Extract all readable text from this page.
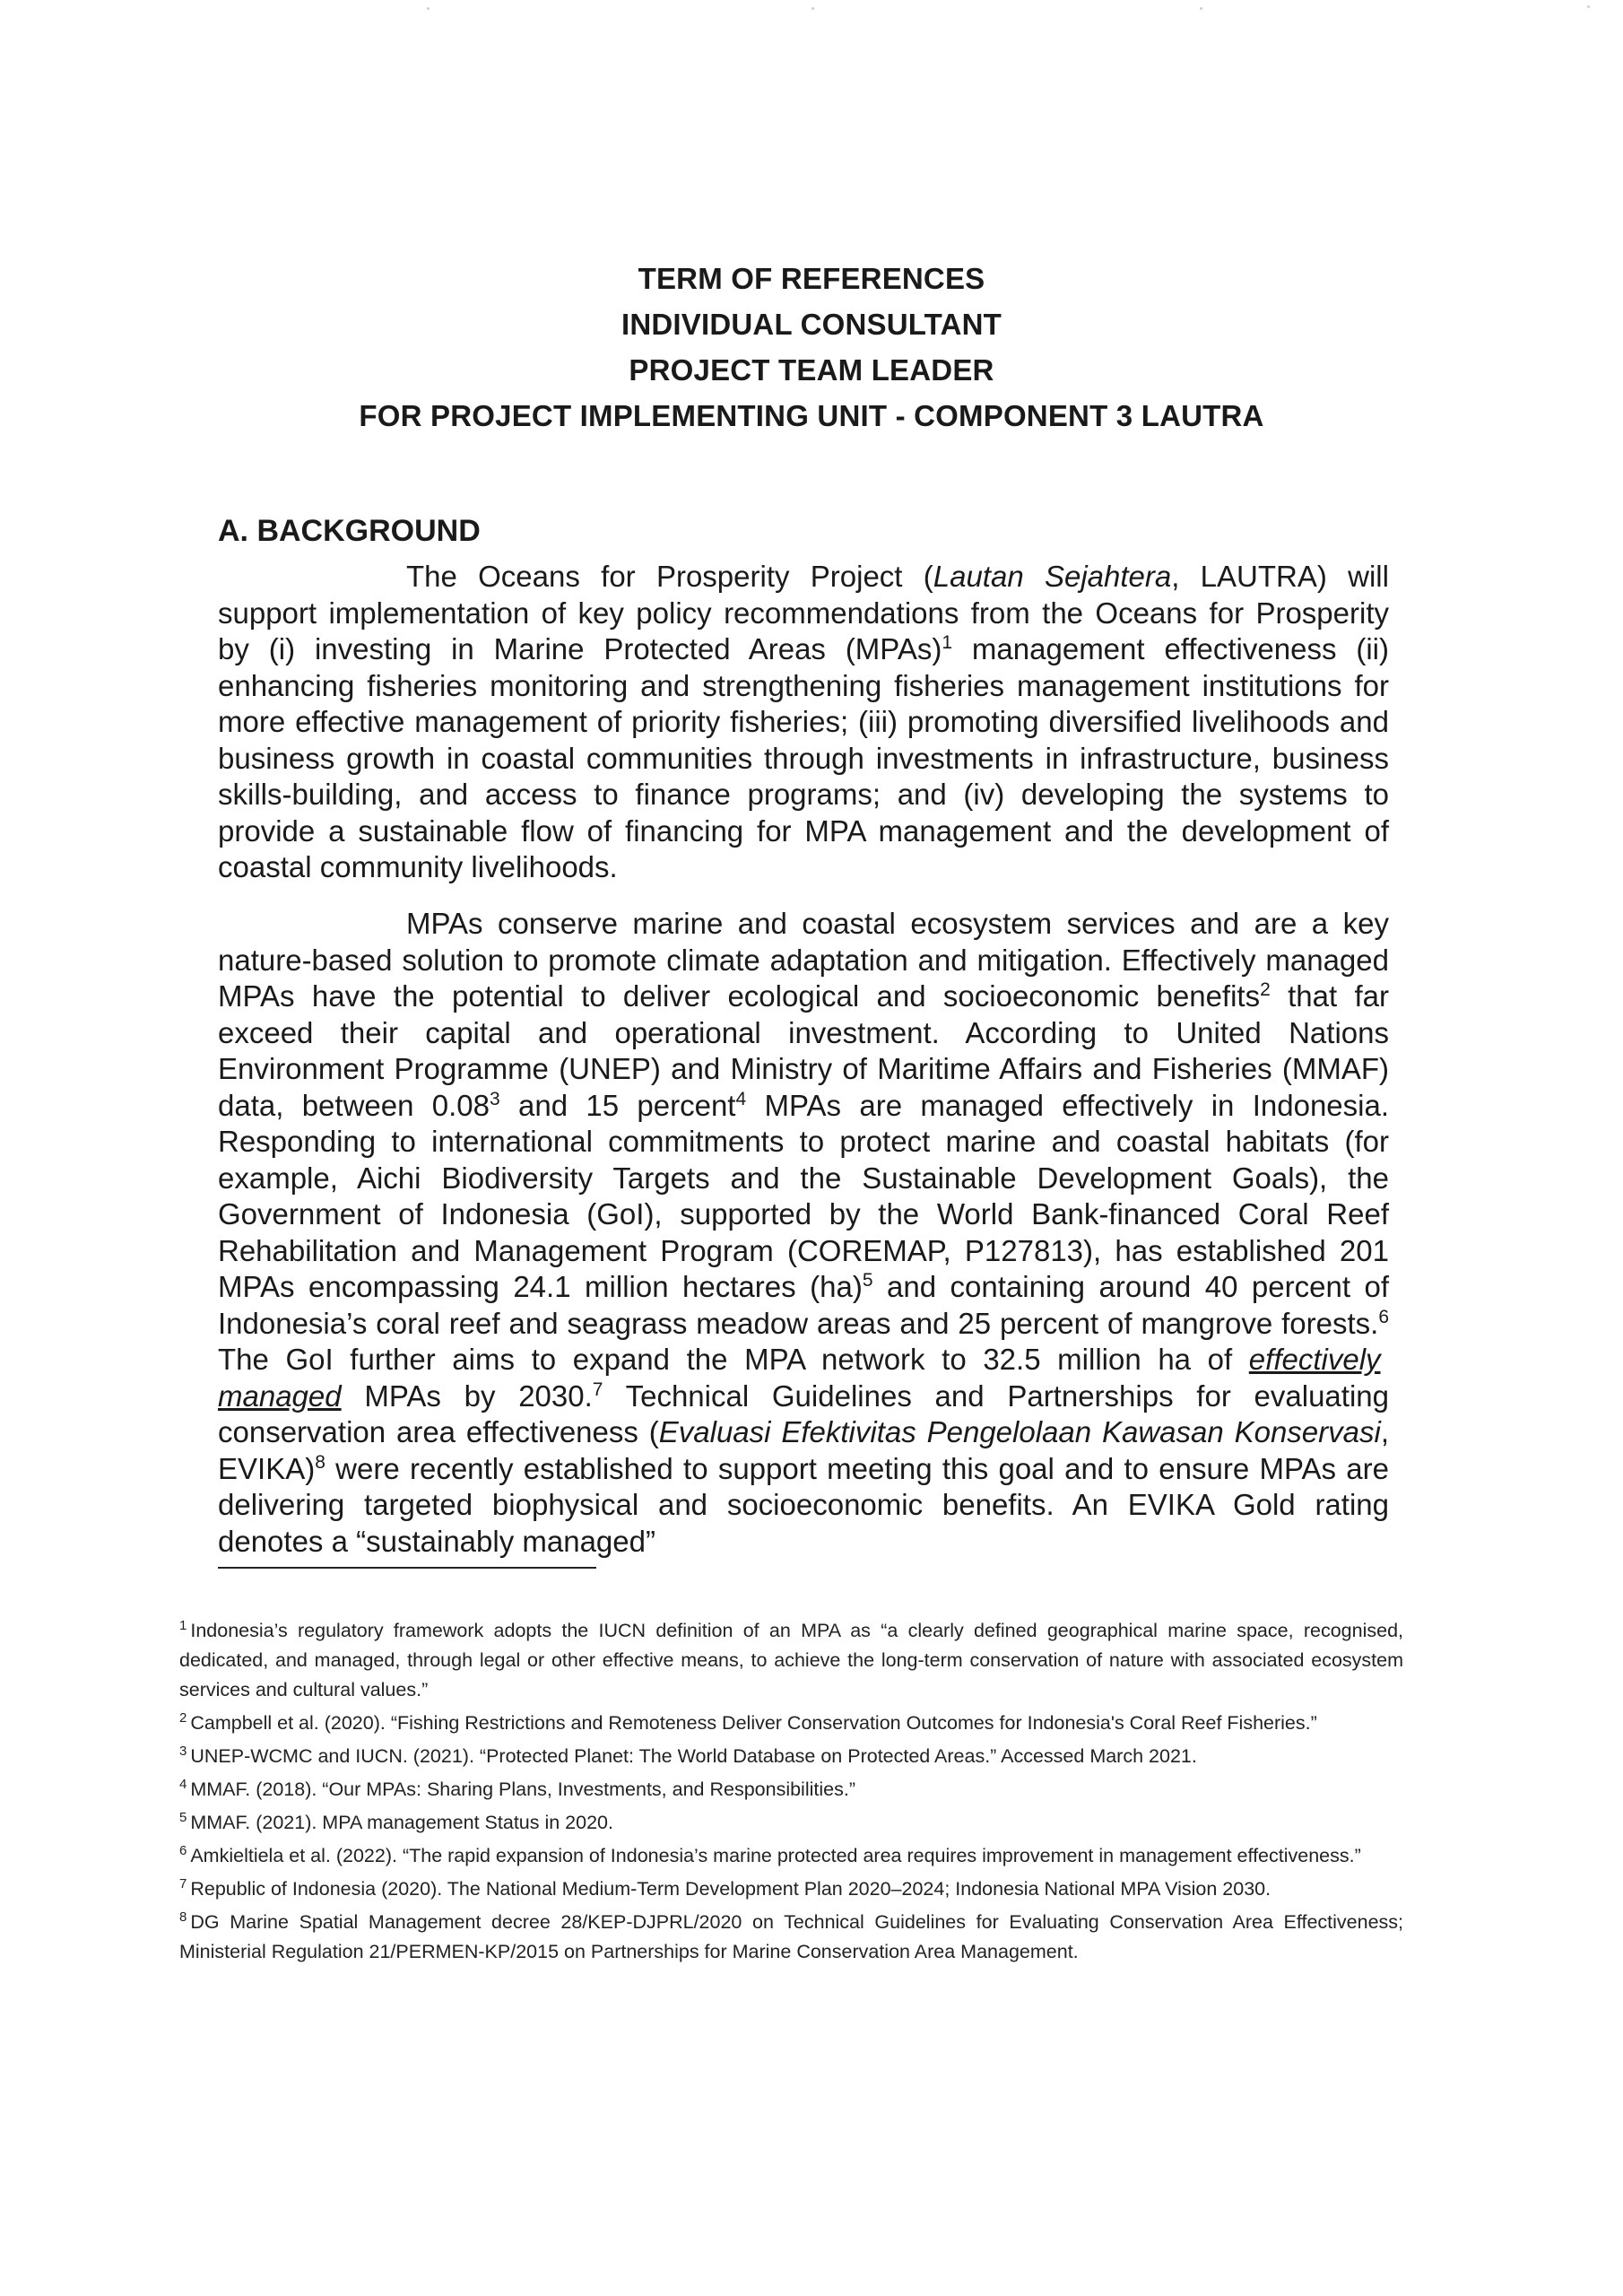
TERM OF REFERENCES
INDIVIDUAL CONSULTANT
PROJECT TEAM LEADER
FOR PROJECT IMPLEMENTING UNIT - COMPONENT 3 LAUTRA
A. BACKGROUND

The Oceans for Prosperity Project (Lautan Sejahtera, LAUTRA) will support implementation of key policy recommendations from the Oceans for Prosperity by (i) investing in Marine Protected Areas (MPAs)$^1$ management effectiveness (ii) enhancing fisheries monitoring and strengthening fisheries management institutions for more effective management of priority fisheries; (iii) promoting diversified livelihoods and business growth in coastal communities through investments in infrastructure, business skills-building, and access to finance programs; and (iv) developing the systems to provide a sustainable flow of financing for MPA management and the development of coastal community livelihoods.

MPAs conserve marine and coastal ecosystem services and are a key nature-based solution to promote climate adaptation and mitigation. Effectively managed MPAs have the potential to deliver ecological and socioeconomic benefits$^2$ that far exceed their capital and operational investment. According to United Nations Environment Programme (UNEP) and Ministry of Maritime Affairs and Fisheries (MMAF) data, between 0.08$^3$ and 15 percent$^4$ MPAs are managed effectively in Indonesia. Responding to international commitments to protect marine and coastal habitats (for example, Aichi Biodiversity Targets and the Sustainable Development Goals), the Government of Indonesia (GoI), supported by the World Bank-financed Coral Reef Rehabilitation and Management Program (COREMAP, P127813), has established 201 MPAs encompassing 24.1 million hectares (ha)$^5$ and containing around 40 percent of Indonesia’s coral reef and seagrass meadow areas and 25 percent of mangrove forests.$^6$ The GoI further aims to expand the MPA network to 32.5 million ha of effectively managed MPAs by 2030.$^7$ Technical Guidelines and Partnerships for evaluating conservation area effectiveness (Evaluasi Efektivitas Pengelolaan Kawasan Konservasi, EVIKA)$^8$ were recently established to support meeting this goal and to ensure MPAs are delivering targeted biophysical and socioeconomic benefits. An EVIKA Gold rating denotes a “sustainably managed”

$^1$ Indonesia’s regulatory framework adopts the IUCN definition of an MPA as “a clearly defined geographical marine space, recognised, dedicated, and managed, through legal or other effective means, to achieve the long-term conservation of nature with associated ecosystem services and cultural values.”

$^2$ Campbell et al. (2020). “Fishing Restrictions and Remoteness Deliver Conservation Outcomes for Indonesia's Coral Reef Fisheries.”

$^3$ UNEP-WCMC and IUCN. (2021). “Protected Planet: The World Database on Protected Areas.” Accessed March 2021.

$^4$ MMAF. (2018). “Our MPAs: Sharing Plans, Investments, and Responsibilities.”

$^5$ MMAF. (2021). MPA management Status in 2020.

$^6$ Amkieltiela et al. (2022). “The rapid expansion of Indonesia’s marine protected area requires improvement in management effectiveness.”

$^7$ Republic of Indonesia (2020). The National Medium-Term Development Plan 2020–2024; Indonesia National MPA Vision 2030.

$^8$ DG Marine Spatial Management decree 28/KEP-DJPRL/2020 on Technical Guidelines for Evaluating Conservation Area Effectiveness; Ministerial Regulation 21/PERMEN-KP/2015 on Partnerships for Marine Conservation Area Management.
